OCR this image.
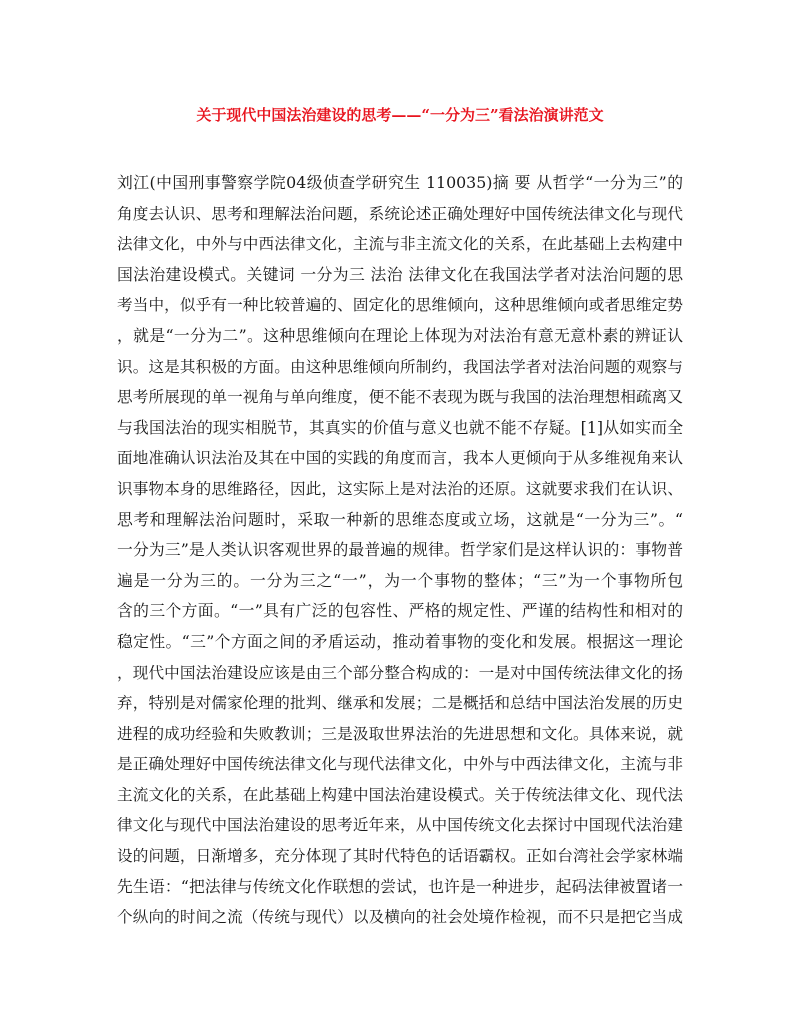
关于现代中国法治建设的思考——“一分为三”看法治演讲范文
刘江(中国刑事警察学院04级侦查学研究生 110035)摘 要 从哲学“一分为三”的
角度去认识、思考和理解法治问题，系统论述正确处理好中国传统法律文化与现代
法律文化，中外与中西法律文化，主流与非主流文化的关系，在此基础上去构建中
国法治建设模式。关键词 一分为三 法治 法律文化在我国法学者对法治问题的思
考当中，似乎有一种比较普遍的、固定化的思维倾向，这种思维倾向或者思维定势
，就是“一分为二”。这种思维倾向在理论上体现为对法治有意无意朴素的辨证认
识。这是其积极的方面。由这种思维倾向所制约，我国法学者对法治问题的观察与
思考所展现的单一视角与单向维度，便不能不表现为既与我国的法治理想相疏离又
与我国法治的现实相脱节，其真实的价值与意义也就不能不存疑。[1]从如实而全
面地准确认识法治及其在中国的实践的角度而言，我本人更倾向于从多维视角来认
识事物本身的思维路径，因此，这实际上是对法治的还原。这就要求我们在认识、
思考和理解法治问题时，采取一种新的思维态度或立场，这就是“一分为三”。“
一分为三”是人类认识客观世界的最普遍的规律。哲学家们是这样认识的：事物普
遍是一分为三的。一分为三之“一”，为一个事物的整体；“三”为一个事物所包
含的三个方面。“一”具有广泛的包容性、严格的规定性、严谨的结构性和相对的
稳定性。“三”个方面之间的矛盾运动，推动着事物的变化和发展。根据这一理论
，现代中国法治建设应该是由三个部分整合构成的：一是对中国传统法律文化的扬
弃，特别是对儒家伦理的批判、继承和发展；二是概括和总结中国法治发展的历史
进程的成功经验和失败教训；三是汲取世界法治的先进思想和文化。具体来说，就
是正确处理好中国传统法律文化与现代法律文化，中外与中西法律文化，主流与非
主流文化的关系，在此基础上构建中国法治建设模式。关于传统法律文化、现代法
律文化与现代中国法治建设的思考近年来，从中国传统文化去探讨中国现代法治建
设的问题，日渐增多，充分体现了其时代特色的话语霸权。正如台湾社会学家林端
先生语：“把法律与传统文化作联想的尝试，也许是一种进步，起码法律被置诸一
个纵向的时间之流（传统与现代）以及横向的社会处境作检视，而不只是把它当成
